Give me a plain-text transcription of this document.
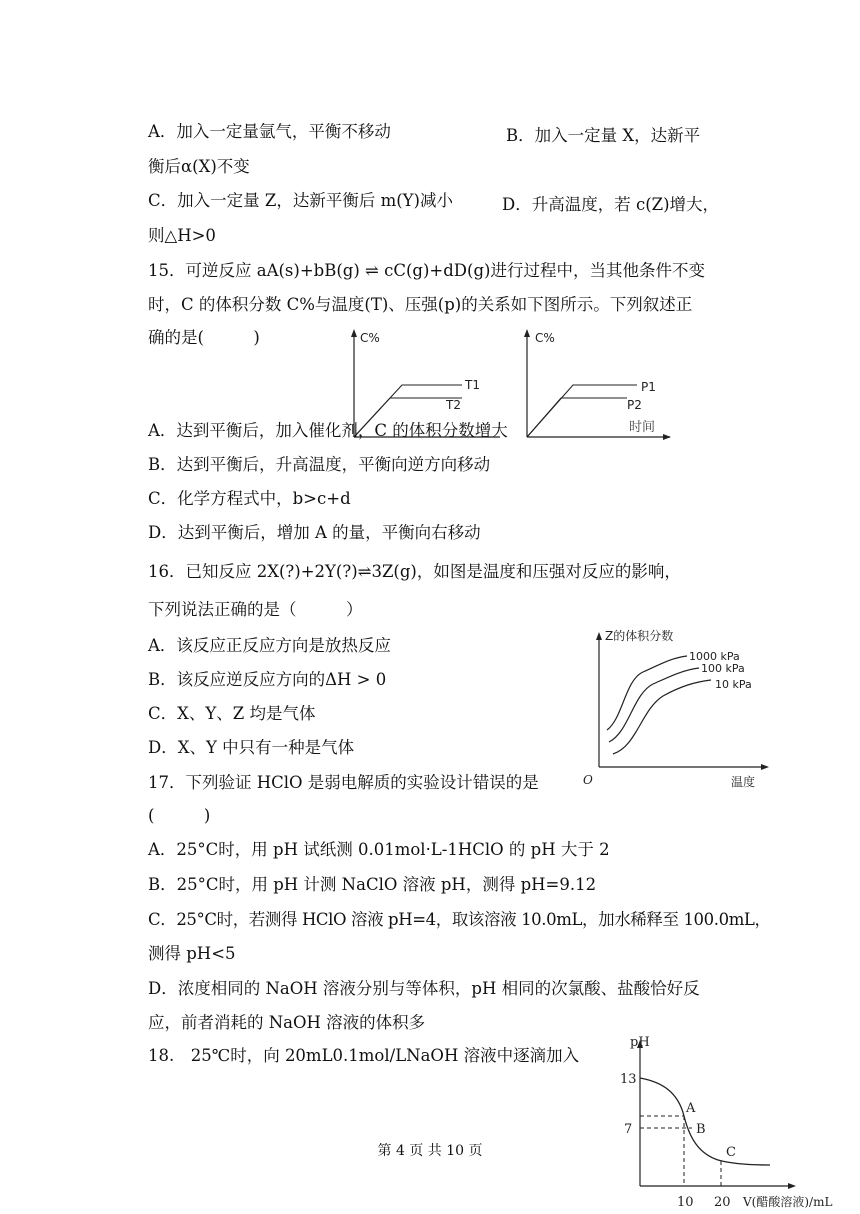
A．加入一定量氩气，平衡不移动	B．加入一定量 X，达新平
衡后α(X)不变
C．加入一定量 Z，达新平衡后 m(Y)减小	D．升高温度，若 c(Z)增大，
则△H>0
15．可逆反应 aA(s)+bB(g) ⇌ cC(g)+dD(g)进行过程中，当其他条件不变
时，C 的体积分数 C%与温度(T)、压强(p)的关系如下图所示。下列叙述正
确的是(　　　)	C%
T1
T2
C%
P1
P2
时间
A．达到平衡后，加入催化剂，C 的体积分数增大
B．达到平衡后，升高温度，平衡向逆方向移动
C．化学方程式中，b>c+d
D．达到平衡后，增加 A 的量，平衡向右移动
16．已知反应 2X(?)+2Y(?)⇌3Z(g)，如图是温度和压强对反应的影响，
下列说法正确的是（　　　）
A．该反应正反应方向是放热反应
B．该反应逆反应方向的ΔH > 0
C．X、Y、Z 均是气体
D．X、Y 中只有一种是气体
Z的体积分数
1000 kPa
100 kPa
10 kPa
O	温度
17．下列验证 HClO 是弱电解质的实验设计错误的是
(　　　)
A．25°C时，用 pH 试纸测 0.01mol·L-1HClO 的 pH 大于 2
B．25°C时，用 pH 计测 NaClO 溶液 pH，测得 pH=9.12
C．25°C时，若测得 HClO 溶液 pH=4，取该溶液 10.0mL，加水稀释至 100.0mL，
测得 pH<5
D．浓度相同的 NaOH 溶液分别与等体积，pH 相同的次氯酸、盐酸恰好反
应，前者消耗的 NaOH 溶液的体积多
18.　25℃时，向 20mL0.1mol/LNaOH 溶液中逐滴加入
pH
13
7
A
B
C
10 20 V(醋酸溶液)/mL
第 4 页 共 10 页
